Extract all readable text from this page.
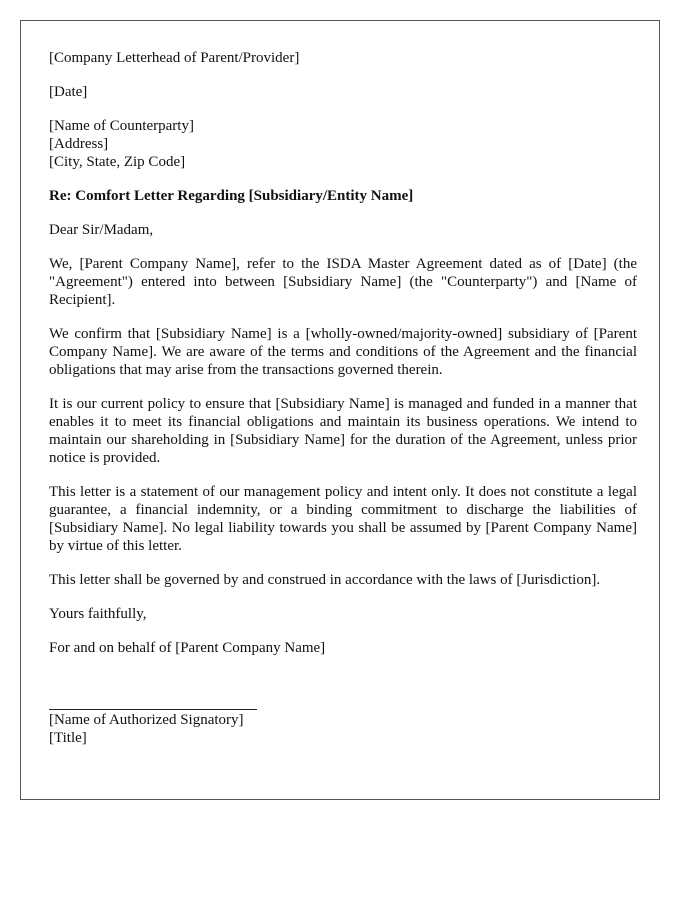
[Company Letterhead of Parent/Provider]
[Date]
[Name of Counterparty]
[Address]
[City, State, Zip Code]
Re: Comfort Letter Regarding [Subsidiary/Entity Name]
Dear Sir/Madam,

We, [Parent Company Name], refer to the ISDA Master Agreement dated as of [Date] (the "Agreement") entered into between [Subsidiary Name] (the "Counterparty") and [Name of Recipient].

We confirm that [Subsidiary Name] is a [wholly-owned/majority-owned] subsidiary of [Parent Company Name]. We are aware of the terms and conditions of the Agreement and the financial obligations that may arise from the transactions governed therein.

It is our current policy to ensure that [Subsidiary Name] is managed and funded in a manner that enables it to meet its financial obligations and maintain its business operations. We intend to maintain our shareholding in [Subsidiary Name] for the duration of the Agreement, unless prior notice is provided.

This letter is a statement of our management policy and intent only. It does not constitute a legal guarantee, a financial indemnity, or a binding commitment to discharge the liabilities of [Subsidiary Name]. No legal liability towards you shall be assumed by [Parent Company Name] by virtue of this letter.

This letter shall be governed by and construed in accordance with the laws of [Jurisdiction].

Yours faithfully,
For and on behalf of [Parent Company Name]
[Name of Authorized Signatory]
[Title]
